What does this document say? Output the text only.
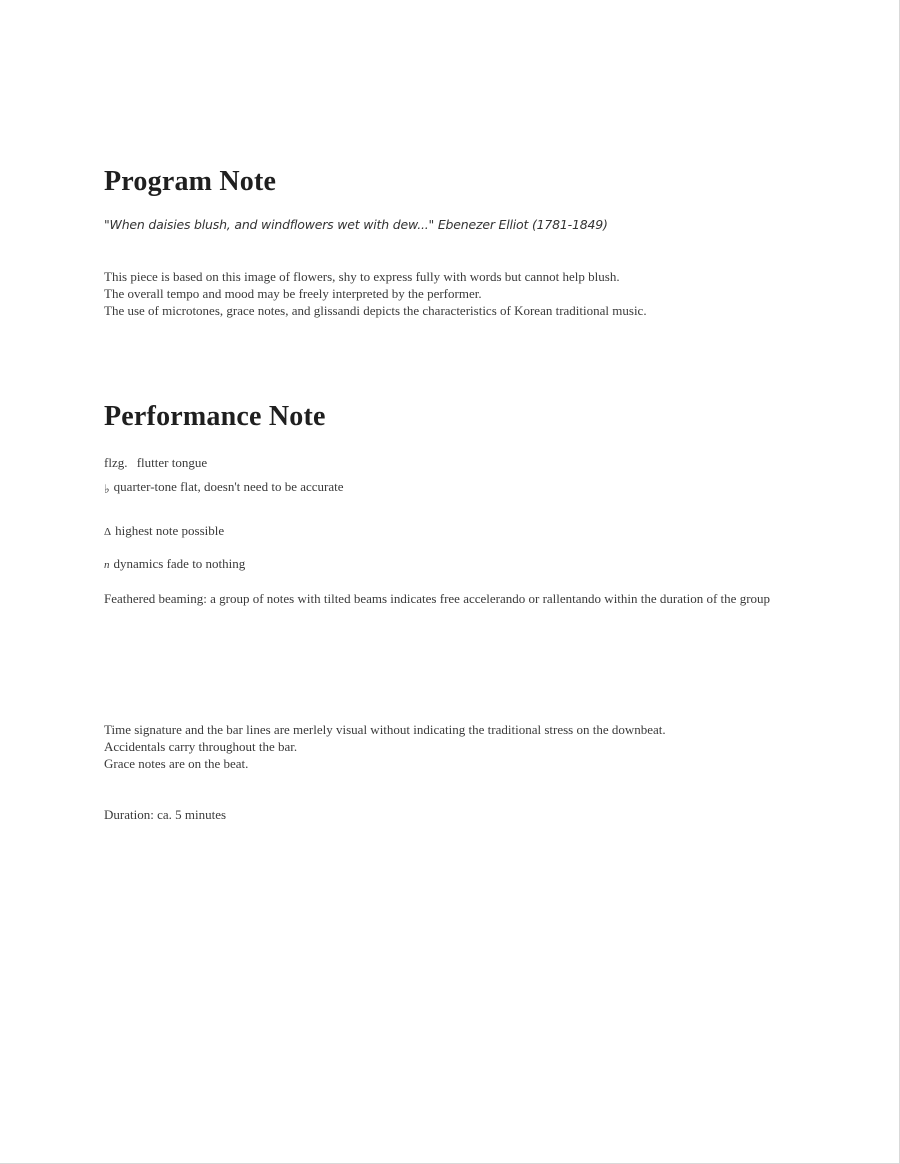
Program Note
"When daisies blush, and windflowers wet with dew..." Ebenezer Elliot (1781-1849)
This piece is based on this image of flowers, shy to express fully with words but cannot help blush.
The overall tempo and mood may be freely interpreted by the performer.
The use of microtones, grace notes, and glissandi depicts the characteristics of Korean traditional music.
Performance Note
flzg. flutter tongue
♭ quarter-tone flat, doesn't need to be accurate
Δ highest note possible
n dynamics fade to nothing
Feathered beaming: a group of notes with tilted beams indicates free accelerando or rallentando within the duration of the group
Time signature and the bar lines are merlely visual without indicating the traditional stress on the downbeat.
Accidentals carry throughout the bar.
Grace notes are on the beat.
Duration: ca. 5 minutes
